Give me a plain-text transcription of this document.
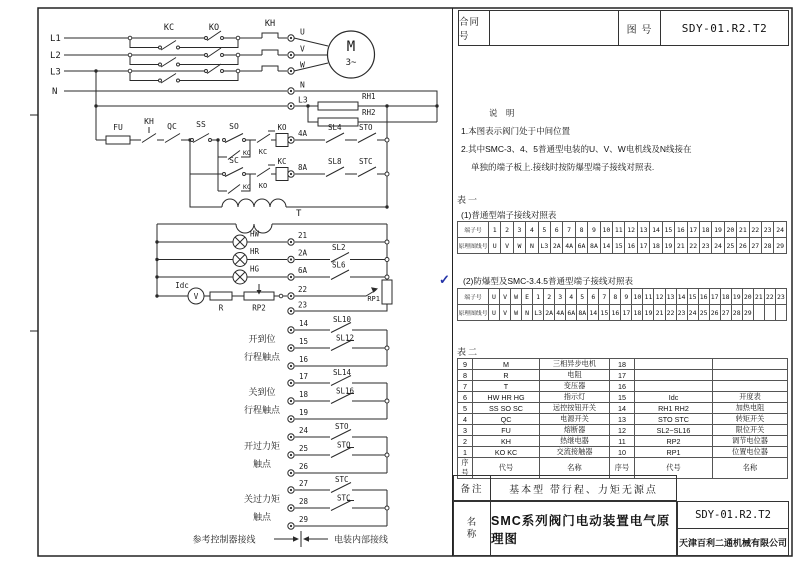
L1
L2
L3
N
KC	KO	KH
U
V
W
N
L3
M
3~
RH1
RH2
FU
KH
QC SS	SO
KO KC
KO
4A
SL4 STO
SC
KC KO
KC
8A
SL8 STC
T
HW
HR
HG
21
2A
6A
SL2
SL6
Idc
V
R	RP2
RP1
22
23
14
15
16
SL10
SL12
17
18
19
SL14
SL16
24
25
26
STO
STO
27
28
29
STC
STC
开到位
行程触点
关到位
行程触点
开过力矩
触点
关过力矩
触点
参考控制器接线	电装内部接线
合同号
图 号	SDY-01.R2.T2
说 明
1.本图表示阀门处于中间位置
2.其中SMC-3、4、5普通型电装的U、V、W电机线及N线接在
单独的端子板上.接线时按防爆型端子接线对照表.
表一
(1)普通型端子接线对照表
端子号	1	2	3	4	5	6	7	8	9	10	11	12	13	14	15	16	17	18	19	20	21	22	23	24
原理图线号	U	V	W	N	L3	2A	4A	6A	8A	14	15	16	17	18	19	21	22	23	24	25	26	27	28	29
✓ (2)防爆型及SMC-3.4.5普通型端子接线对照表
端子号	U	V	W	E	1	2	3	4	5	6	7	8	9	10	11	12	13	14	15	16	17	18	19	20	21	22	23
原理图线号	U	V	W	N	L3	2A	4A	6A	8A	14	15	16	17	18	19	21	22	23	24	25	26	27	28	29			
表二
9	M	三相异步电机	18		
8	R	电阻	17		
7	T	变压器	16		
6	HW HR HG	指示灯	15	Idc	开度表
5	SS SO SC	远控按钮开关	14	RH1 RH2	加热电阻
4	QC	电源开关	13	STO STC	转矩开关
3	FU	熔断器	12	SL2~SL16	限位开关
2	KH	热继电器	11	RP2	调节电位器
1	KO KC	交流接触器	10	RP1	位置电位器
序号	代号	名称	序号	代号	名称
备注	基本型 带行程、力矩无源点
名
称
SMC系列阀门电动装置电气原理图
SDY-01.R2.T2
天津百利二通机械有限公司
